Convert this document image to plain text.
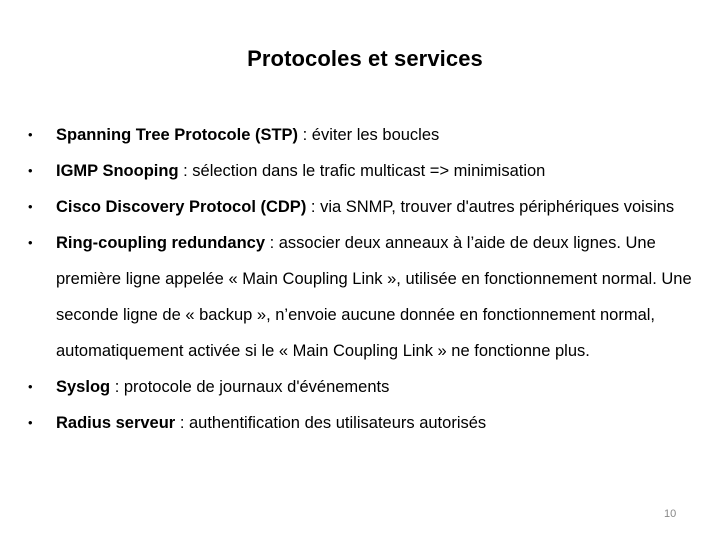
Protocoles et services
•	Spanning Tree Protocole (STP) : éviter les boucles
•	IGMP Snooping : sélection dans le trafic multicast => minimisation
•	Cisco Discovery Protocol (CDP) : via SNMP, trouver d'autres périphériques voisins
•	Ring-coupling redundancy : associer deux anneaux à l’aide de deux lignes. Une première ligne appelée « Main Coupling Link », utilisée en fonctionnement normal. Une seconde ligne de « backup », n’envoie aucune donnée en fonctionnement normal, automatiquement activée si le « Main Coupling Link » ne fonctionne plus.
•	Syslog : protocole de journaux d'événements
•	Radius serveur : authentification des utilisateurs autorisés
10
